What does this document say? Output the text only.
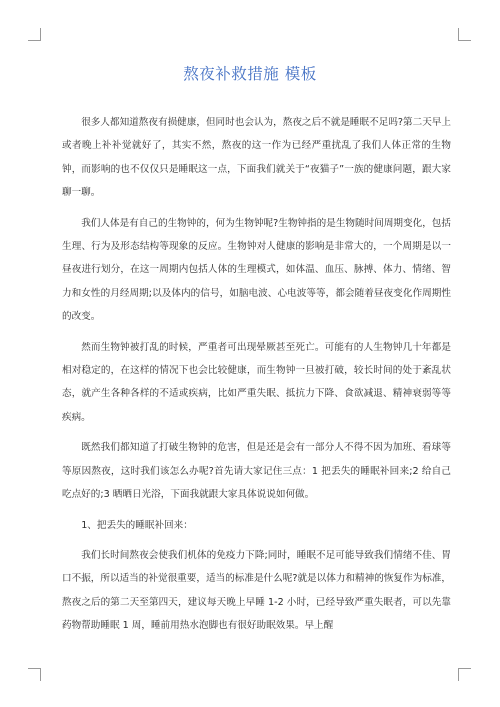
熬夜补救措施 模板

很多人都知道熬夜有损健康，但同时也会认为，熬夜之后不就是睡眠不足吗?第二天早上或者晚上补补觉就好了，其实不然，熬夜的这一作为已经严重扰乱了我们人体正常的生物钟，而影响的也不仅仅只是睡眠这一点，下面我们就关于“夜猫子”一族的健康问题，跟大家聊一聊。

我们人体是有自己的生物钟的，何为生物钟呢?生物钟指的是生物随时间周期变化，包括生理、行为及形态结构等现象的反应。生物钟对人健康的影响是非常大的，一个周期是以一昼夜进行划分，在这一周期内包括人体的生理模式，如体温、血压、脉搏、体力、情绪、智力和女性的月经周期;以及体内的信号，如脑电波、心电波等等，都会随着昼夜变化作周期性的改变。

然而生物钟被打乱的时候，严重者可出现晕厥甚至死亡。可能有的人生物钟几十年都是相对稳定的，在这样的情况下也会比较健康，而生物钟一旦被打破，较长时间的处于紊乱状态，就产生各种各样的不适或疾病，比如严重失眠、抵抗力下降、食欲减退、精神衰弱等等疾病。

既然我们都知道了打破生物钟的危害，但是还是会有一部分人不得不因为加班、看球等等原因熬夜，这时我们该怎么办呢?首先请大家记住三点：1 把丢失的睡眠补回来;2 给自己吃点好的;3 晒晒日光浴，下面我就跟大家具体说说如何做。

1、把丢失的睡眠补回来：

我们长时间熬夜会使我们机体的免疫力下降;同时，睡眠不足可能导致我们情绪不佳、胃口不振，所以适当的补觉很重要，适当的标准是什么呢?就是以体力和精神的恢复作为标准，熬夜之后的第二天至第四天，建议每天晚上早睡 1-2 小时，已经导致严重失眠者，可以先靠药物帮助睡眠 1 周，睡前用热水泡脚也有很好助眠效果。早上醒
